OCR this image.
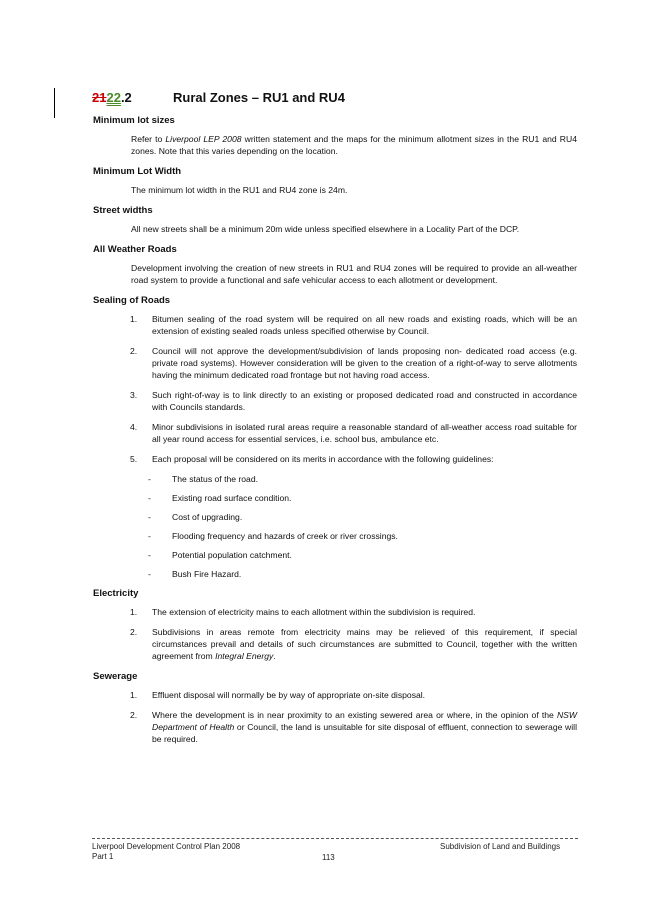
2122.2	Rural Zones – RU1 and RU4

Minimum lot sizes

Refer to Liverpool LEP 2008 written statement and the maps for the minimum allotment sizes in the RU1 and RU4 zones. Note that this varies depending on the location.

Minimum Lot Width

The minimum lot width in the RU1 and RU4 zone is 24m.

Street widths

All new streets shall be a minimum 20m wide unless specified elsewhere in a Locality Part of the DCP.

All Weather Roads

Development involving the creation of new streets in RU1 and RU4 zones will be required to provide an all-weather road system to provide a functional and safe vehicular access to each allotment or development.

Sealing of Roads

1. Bitumen sealing of the road system will be required on all new roads and existing roads, which will be an extension of existing sealed roads unless specified otherwise by Council.
2. Council will not approve the development/subdivision of lands proposing non- dedicated road access (e.g. private road systems). However consideration will be given to the creation of a right-of-way to serve allotments having the minimum dedicated road frontage but not having road access.
3. Such right-of-way is to link directly to an existing or proposed dedicated road and constructed in accordance with Councils standards.
4. Minor subdivisions in isolated rural areas require a reasonable standard of all-weather access road suitable for all year round access for essential services, i.e. school bus, ambulance etc.
5. Each proposal will be considered on its merits in accordance with the following guidelines:
- The status of the road.
- Existing road surface condition.
- Cost of upgrading.
- Flooding frequency and hazards of creek or river crossings.
- Potential population catchment.
- Bush Fire Hazard.

Electricity

1. The extension of electricity mains to each allotment within the subdivision is required.
2. Subdivisions in areas remote from electricity mains may be relieved of this requirement, if special circumstances prevail and details of such circumstances are submitted to Council, together with the written agreement from Integral Energy.

Sewerage

1. Effluent disposal will normally be by way of appropriate on-site disposal.
2. Where the development is in near proximity to an existing sewered area or where, in the opinion of the NSW Department of Health or Council, the land is unsuitable for site disposal of effluent, connection to sewerage will be required.
Liverpool Development Control Plan 2008
Part 1	113
Subdivision of Land and Buildings
